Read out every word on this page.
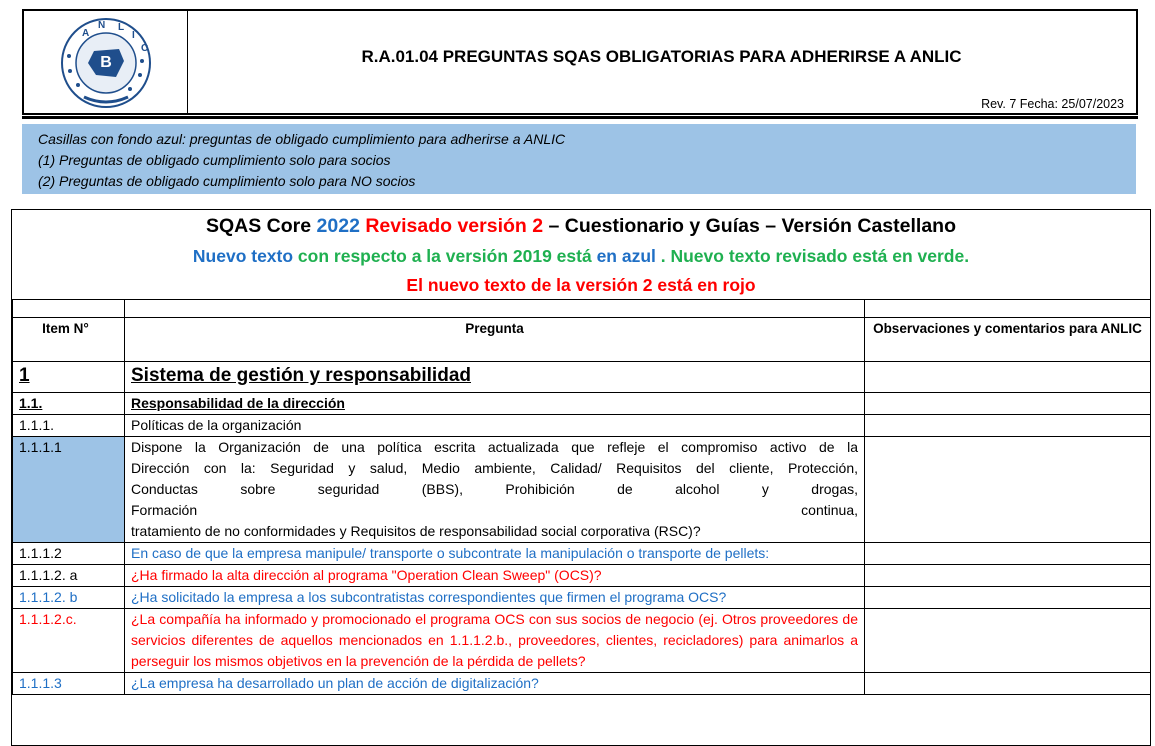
B
A
N L
I
C	R.A.01.04 PREGUNTAS SQAS OBLIGATORIAS PARA ADHERIRSE A ANLIC
Rev. 7 Fecha: 25/07/2023
Casillas con fondo azul: preguntas de obligado cumplimiento para adherirse a ANLIC
(1) Preguntas de obligado cumplimiento solo para socios
(2) Preguntas de obligado cumplimiento solo para NO socios
SQAS Core 2022 Revisado versión 2 – Cuestionario y Guías – Versión Castellano
Nuevo texto con respecto a la versión 2019 está en azul . Nuevo texto revisado está en verde.
El nuevo texto de la versión 2 está en rojo

Item N°	Pregunta	Observaciones y comentarios para ANLIC
1	Sistema de gestión y responsabilidad	
1.1.	Responsabilidad de la dirección	
1.1.1.	Políticas de la organización	
1.1.1.1	Dispone la Organización de una política escrita actualizada que refleje el compromiso activo de la
Dirección con la: Seguridad y salud, Medio ambiente, Calidad/ Requisitos del cliente, Protección,
Conductas sobre seguridad (BBS), Prohibición de alcohol y drogas,
Formación continua,
tratamiento de no conformidades y Requisitos de responsabilidad social corporativa (RSC)?	

1.1.1.2	En caso de que la empresa manipule/ transporte o subcontrate la manipulación o transporte de pellets:	
1.1.1.2. a	¿Ha firmado la alta dirección al programa "Operation Clean Sweep" (OCS)?	
1.1.1.2. b	¿Ha solicitado la empresa a los subcontratistas correspondientes que firmen el programa OCS?	
1.1.1.2.c.	¿La compañía ha informado y promocionado el programa OCS con sus socios de negocio (ej. Otros proveedores de servicios diferentes de aquellos mencionados en 1.1.1.2.b., proveedores, clientes, recicladores) para animarlos a perseguir los mismos objetivos en la prevención de la pérdida de pellets?	
1.1.1.3	¿La empresa ha desarrollado un plan de acción de digitalización?	
